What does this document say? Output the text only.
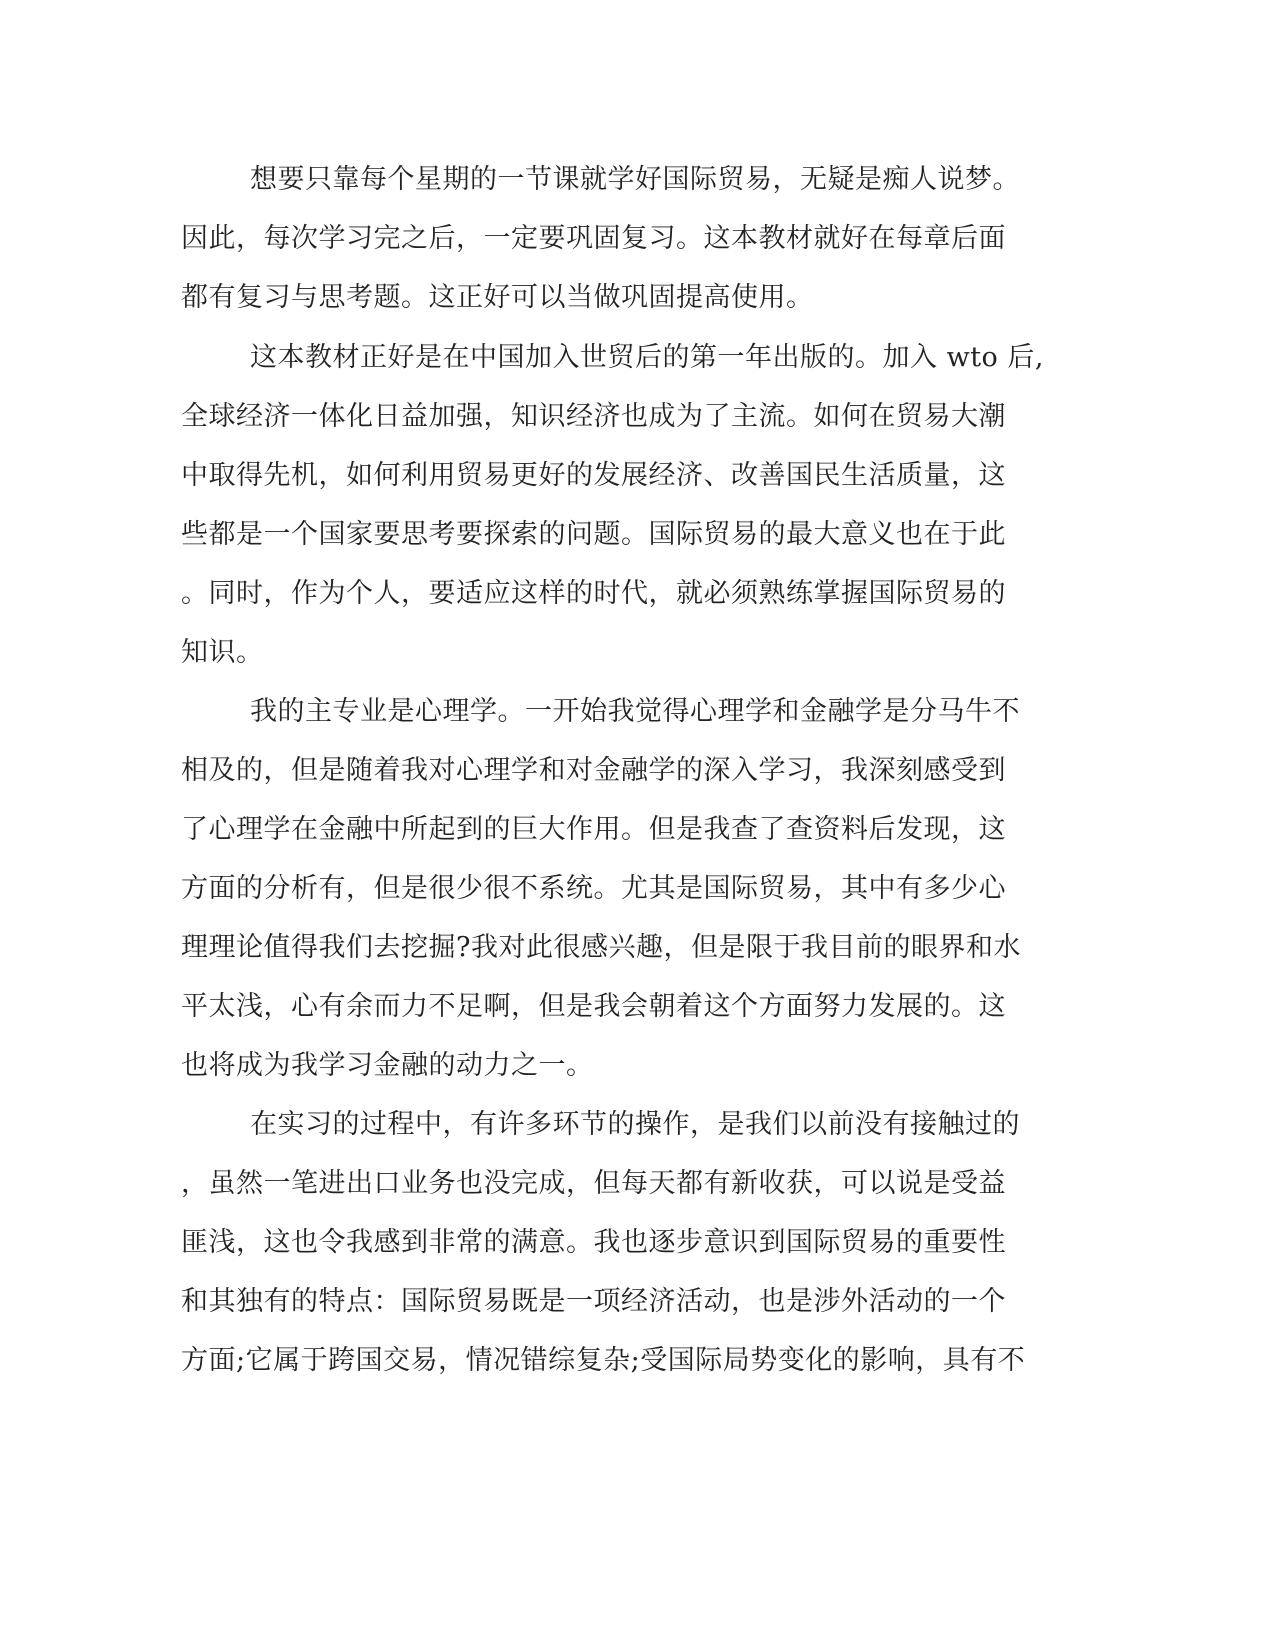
想要只靠每个星期的一节课就学好国际贸易，无疑是痴人说梦。
因此，每次学习完之后，一定要巩固复习。这本教材就好在每章后面
都有复习与思考题。这正好可以当做巩固提高使用。
这本教材正好是在中国加入世贸后的第一年出版的。加入 wto 后,
全球经济一体化日益加强，知识经济也成为了主流。如何在贸易大潮
中取得先机，如何利用贸易更好的发展经济、改善国民生活质量，这
些都是一个国家要思考要探索的问题。国际贸易的最大意义也在于此
。同时，作为个人，要适应这样的时代，就必须熟练掌握国际贸易的
知识。
我的主专业是心理学。一开始我觉得心理学和金融学是分马牛不
相及的，但是随着我对心理学和对金融学的深入学习，我深刻感受到
了心理学在金融中所起到的巨大作用。但是我查了查资料后发现，这
方面的分析有，但是很少很不系统。尤其是国际贸易，其中有多少心
理理论值得我们去挖掘?我对此很感兴趣，但是限于我目前的眼界和水
平太浅，心有余而力不足啊，但是我会朝着这个方面努力发展的。这
也将成为我学习金融的动力之一。
在实习的过程中，有许多环节的操作，是我们以前没有接触过的
，虽然一笔进出口业务也没完成，但每天都有新收获，可以说是受益
匪浅，这也令我感到非常的满意。我也逐步意识到国际贸易的重要性
和其独有的特点：国际贸易既是一项经济活动，也是涉外活动的一个
方面;它属于跨国交易，情况错综复杂;受国际局势变化的影响，具有不
